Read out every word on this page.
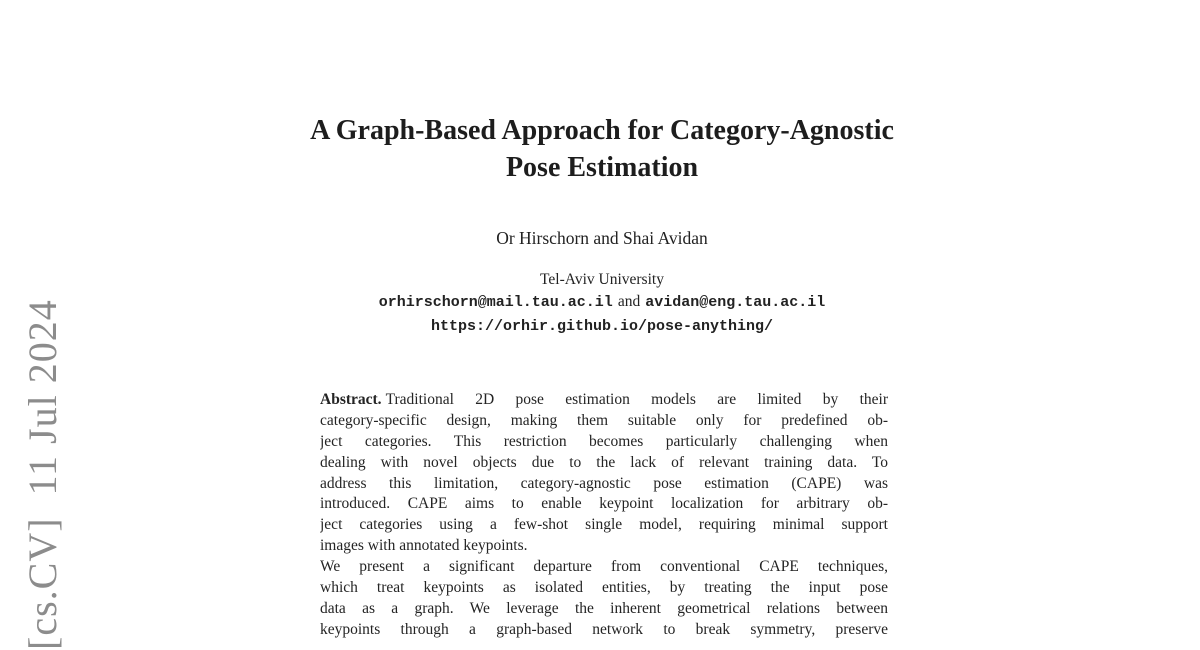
[cs.CV]  11 Jul 2024
A Graph-Based Approach for Category-Agnostic
Pose Estimation
Or Hirschorn and Shai Avidan
Tel-Aviv University
orhirschorn@mail.tau.ac.il and avidan@eng.tau.ac.il
https://orhir.github.io/pose-anything/
Abstract. Traditional 2D pose estimation models are limited by their
category-specific design, making them suitable only for predefined ob-
ject categories. This restriction becomes particularly challenging when
dealing with novel objects due to the lack of relevant training data. To
address this limitation, category-agnostic pose estimation (CAPE) was
introduced. CAPE aims to enable keypoint localization for arbitrary ob-
ject categories using a few-shot single model, requiring minimal support
images with annotated keypoints.
We present a significant departure from conventional CAPE techniques,
which treat keypoints as isolated entities, by treating the input pose
data as a graph. We leverage the inherent geometrical relations between
keypoints through a graph-based network to break symmetry, preserve
